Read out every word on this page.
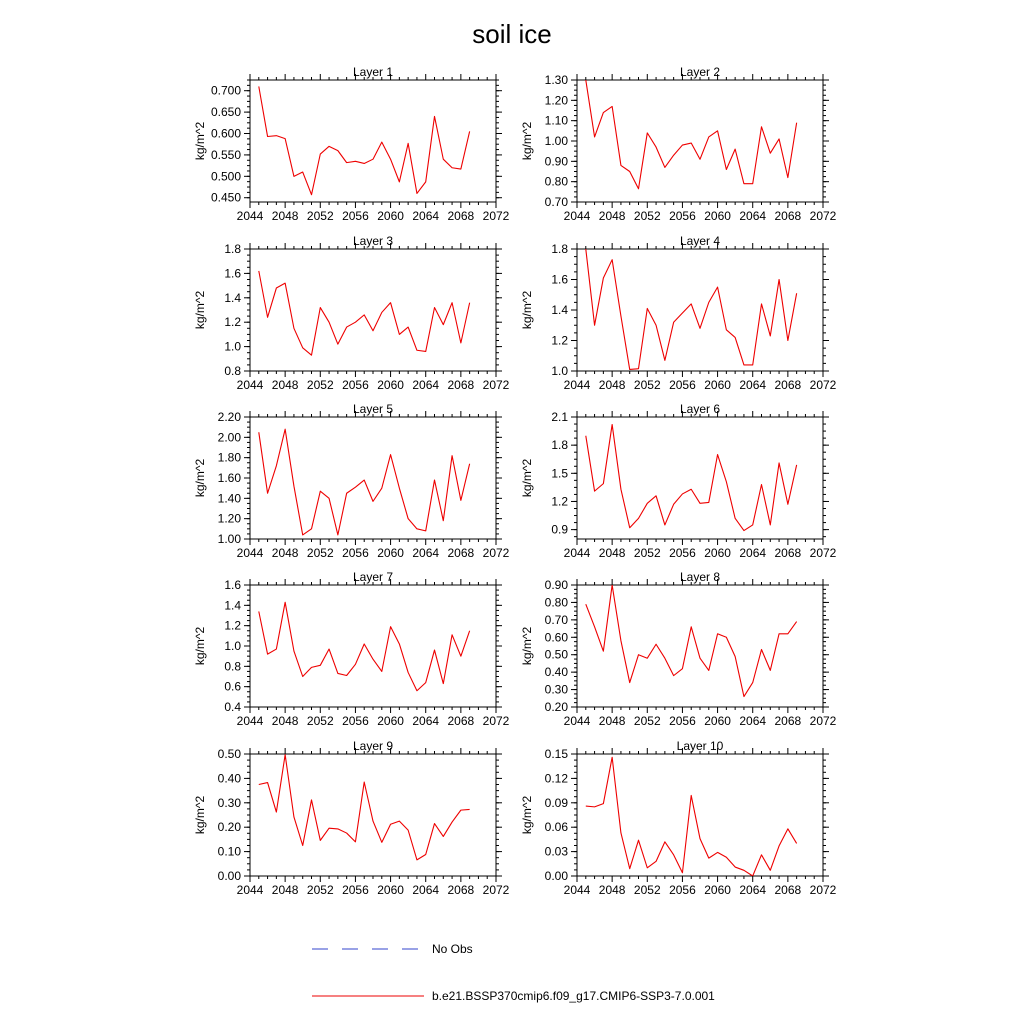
soil ice
Layer 1
2044 2048 2052 2056 2060 2064 2068 2072
0.450
0.500
0.550
0.600
0.650
0.700
kg/m^2
Layer 2
2044 2048 2052 2056 2060 2064 2068 2072
0.70
0.80
0.90
1.00
1.10
1.20
1.30
kg/m^2
Layer 3
2044 2048 2052 2056 2060 2064 2068 2072
0.8
1.0
1.2
1.4
1.6
1.8
kg/m^2
Layer 4
2044 2048 2052 2056 2060 2064 2068 2072
1.0
1.2
1.4
1.6
1.8
kg/m^2
Layer 5
2044 2048 2052 2056 2060 2064 2068 2072
1.00
1.20
1.40
1.60
1.80
2.00
2.20
kg/m^2
Layer 6
2044 2048 2052 2056 2060 2064 2068 2072
0.9
1.2
1.5
1.8
2.1
kg/m^2
Layer 7
2044 2048 2052 2056 2060 2064 2068 2072
0.4
0.6
0.8
1.0
1.2
1.4
1.6
kg/m^2
Layer 8
2044 2048 2052 2056 2060 2064 2068 2072
0.20
0.30
0.40
0.50
0.60
0.70
0.80
0.90
kg/m^2
Layer 9
2044 2048 2052 2056 2060 2064 2068 2072
0.00
0.10
0.20
0.30
0.40
0.50
kg/m^2
Layer 10
2044 2048 2052 2056 2060 2064 2068 2072
0.00
0.03
0.06
0.09
0.12
0.15
kg/m^2
No Obs
b.e21.BSSP370cmip6.f09_g17.CMIP6-SSP3-7.0.001
